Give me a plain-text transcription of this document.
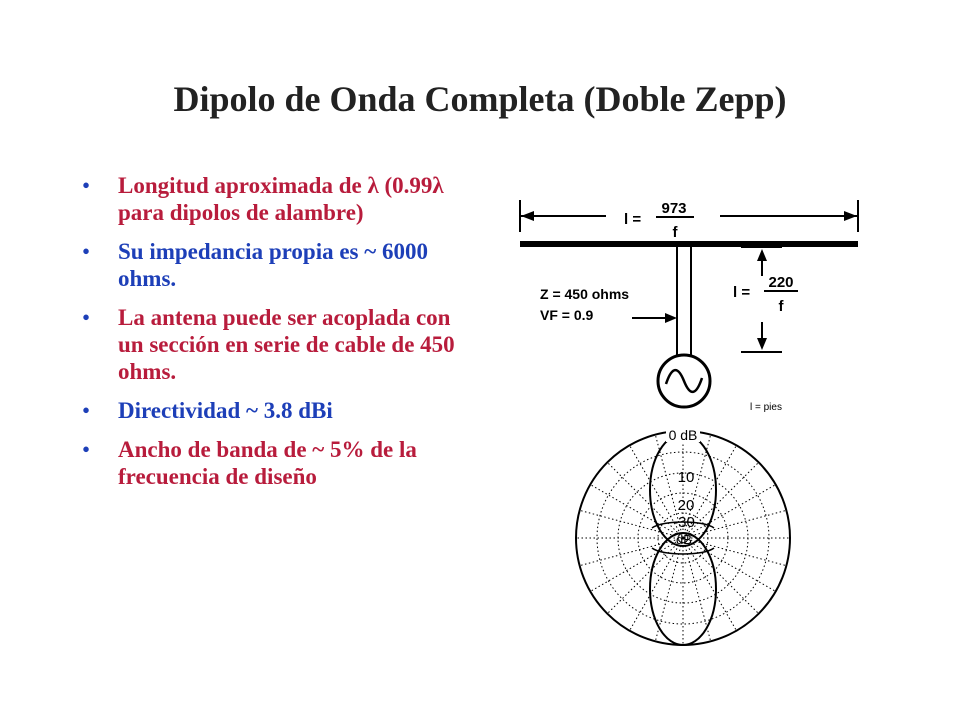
Dipolo de Onda Completa (Doble Zepp)
• Longitud aproximada de λ (0.99λ para dipolos de alambre)
• Su impedancia propia es ~ 6000 ohms.
• La antena puede ser acoplada con un sección en serie de cable de 450 ohms.
• Directividad ~ 3.8 dBi
• Ancho de banda de ~ 5% de la frecuencia de diseño
l =
973
f
l =
220
f
Z = 450 ohms
VF = 0.9
l = pies
0 dB
10
20
-30
dB
